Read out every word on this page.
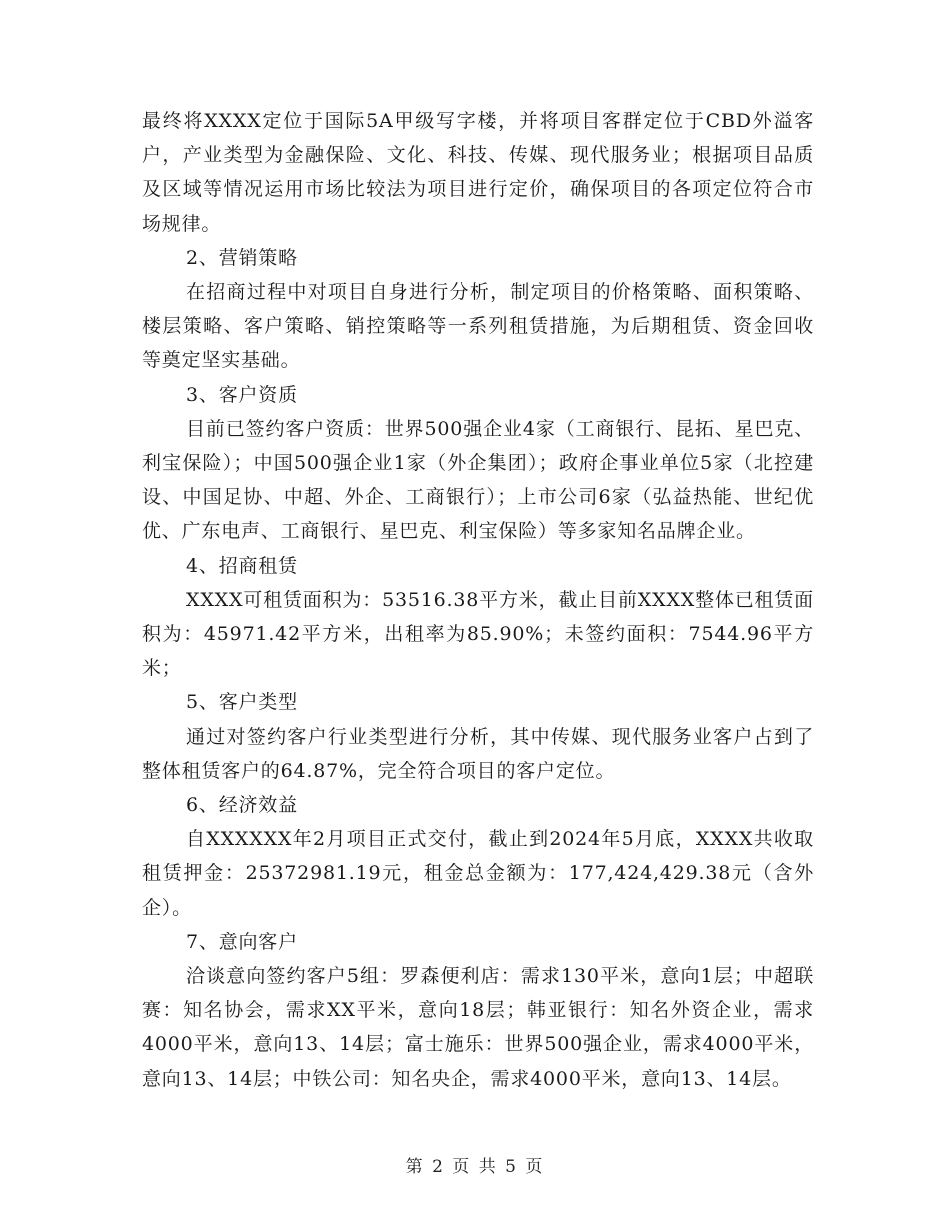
最终将XXXX定位于国际5A甲级写字楼，并将项目客群定位于CBD外溢客户，产业类型为金融保险、文化、科技、传媒、现代服务业；根据项目品质及区域等情况运用市场比较法为项目进行定价，确保项目的各项定位符合市场规律。

2、营销策略

在招商过程中对项目自身进行分析，制定项目的价格策略、面积策略、楼层策略、客户策略、销控策略等一系列租赁措施，为后期租赁、资金回收等奠定坚实基础。

3、客户资质

目前已签约客户资质：世界500强企业4家（工商银行、昆拓、星巴克、利宝保险）；中国500强企业1家（外企集团）；政府企事业单位5家（北控建设、中国足协、中超、外企、工商银行）；上市公司6家（弘益热能、世纪优优、广东电声、工商银行、星巴克、利宝保险）等多家知名品牌企业。

4、招商租赁

XXXX可租赁面积为：53516.38平方米，截止目前XXXX整体已租赁面积为：45971.42平方米，出租率为85.90%；未签约面积：7544.96平方米；

5、客户类型

通过对签约客户行业类型进行分析，其中传媒、现代服务业客户占到了整体租赁客户的64.87%，完全符合项目的客户定位。

6、经济效益

自XXXXXX年2月项目正式交付，截止到2024年5月底，XXXX共收取租赁押金：25372981.19元，租金总金额为：177,424,429.38元（含外企）。

7、意向客户

洽谈意向签约客户5组：罗森便利店：需求130平米，意向1层；中超联赛：知名协会，需求XX平米，意向18层；韩亚银行：知名外资企业，需求4000平米，意向13、14层；富士施乐：世界500强企业，需求4000平米，意向13、14层；中铁公司：知名央企，需求4000平米，意向13、14层。

第 2 页 共 5 页
